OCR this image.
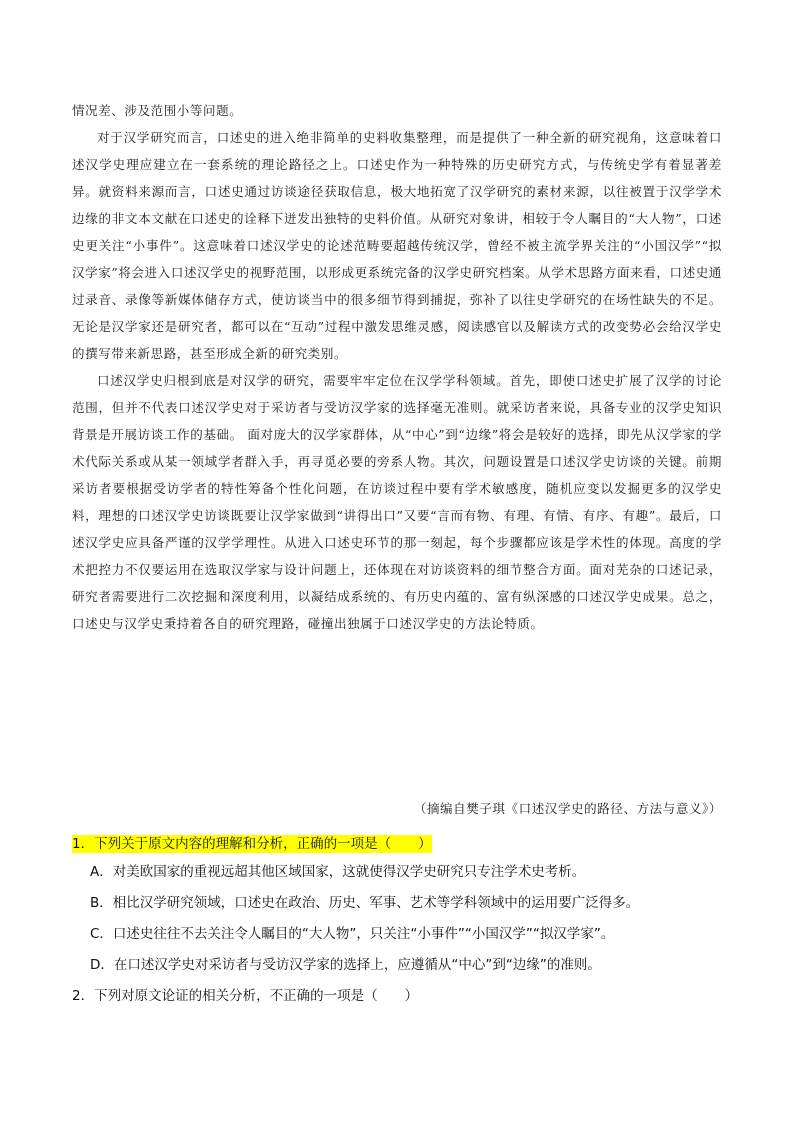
情况差、涉及范围小等问题。

对于汉学研究而言，口述史的进入绝非简单的史料收集整理，而是提供了一种全新的研究视角，这意味着口述汉学史理应建立在一套系统的理论路径之上。口述史作为一种特殊的历史研究方式，与传统史学有着显著差异。就资料来源而言，口述史通过访谈途径获取信息，极大地拓宽了汉学研究的素材来源，以往被置于汉学学术边缘的非文本文献在口述史的诠释下迸发出独特的史料价值。从研究对象讲，相较于令人瞩目的“大人物”，口述史更关注“小事件”。这意味着口述汉学史的论述范畴要超越传统汉学，曾经不被主流学界关注的“小国汉学”“拟汉学家”将会进入口述汉学史的视野范围，以形成更系统完备的汉学史研究档案。从学术思路方面来看，口述史通过录音、录像等新媒体储存方式，使访谈当中的很多细节得到捕捉，弥补了以往史学研究的在场性缺失的不足。无论是汉学家还是研究者，都可以在“互动”过程中激发思维灵感，阅读感官以及解读方式的改变势必会给汉学史的撰写带来新思路，甚至形成全新的研究类别。

口述汉学史归根到底是对汉学的研究，需要牢牢定位在汉学学科领域。首先，即使口述史扩展了汉学的讨论范围，但并不代表口述汉学史对于采访者与受访汉学家的选择毫无准则。就采访者来说，具备专业的汉学史知识背景是开展访谈工作的基础。 面对庞大的汉学家群体，从“中心”到“边缘”将会是较好的选择，即先从汉学家的学术代际关系或从某一领域学者群入手，再寻觅必要的旁系人物。其次，问题设置是口述汉学史访谈的关键。前期采访者要根据受访学者的特性筹备个性化问题，在访谈过程中要有学术敏感度，随机应变以发掘更多的汉学史料，理想的口述汉学史访谈既要让汉学家做到“讲得出口”又要“言而有物、有理、有情、有序、有趣”。最后，口述汉学史应具备严谨的汉学学理性。从进入口述史环节的那一刻起，每个步骤都应该是学术性的体现。高度的学术把控力不仅要运用在选取汉学家与设计问题上，还体现在对访谈资料的细节整合方面。面对芜杂的口述记录，研究者需要进行二次挖掘和深度利用，以凝结成系统的、有历史内蕴的、富有纵深感的口述汉学史成果。总之，口述史与汉学史秉持着各自的研究理路，碰撞出独属于口述汉学史的方法论特质。

（摘编自樊子琪《口述汉学史的路径、方法与意义》）
1．下列关于原文内容的理解和分析，正确的一项是（　　）
A．对美欧国家的重视远超其他区域国家，这就使得汉学史研究只专注学术史考析。
B．相比汉学研究领域，口述史在政治、历史、军事、艺术等学科领域中的运用要广泛得多。
C．口述史往往不去关注令人瞩目的“大人物”，只关注“小事件”“小国汉学”“拟汉学家”。
D．在口述汉学史对采访者与受访汉学家的选择上，应遵循从“中心”到“边缘”的准则。
2．下列对原文论证的相关分析，不正确的一项是（　　）
